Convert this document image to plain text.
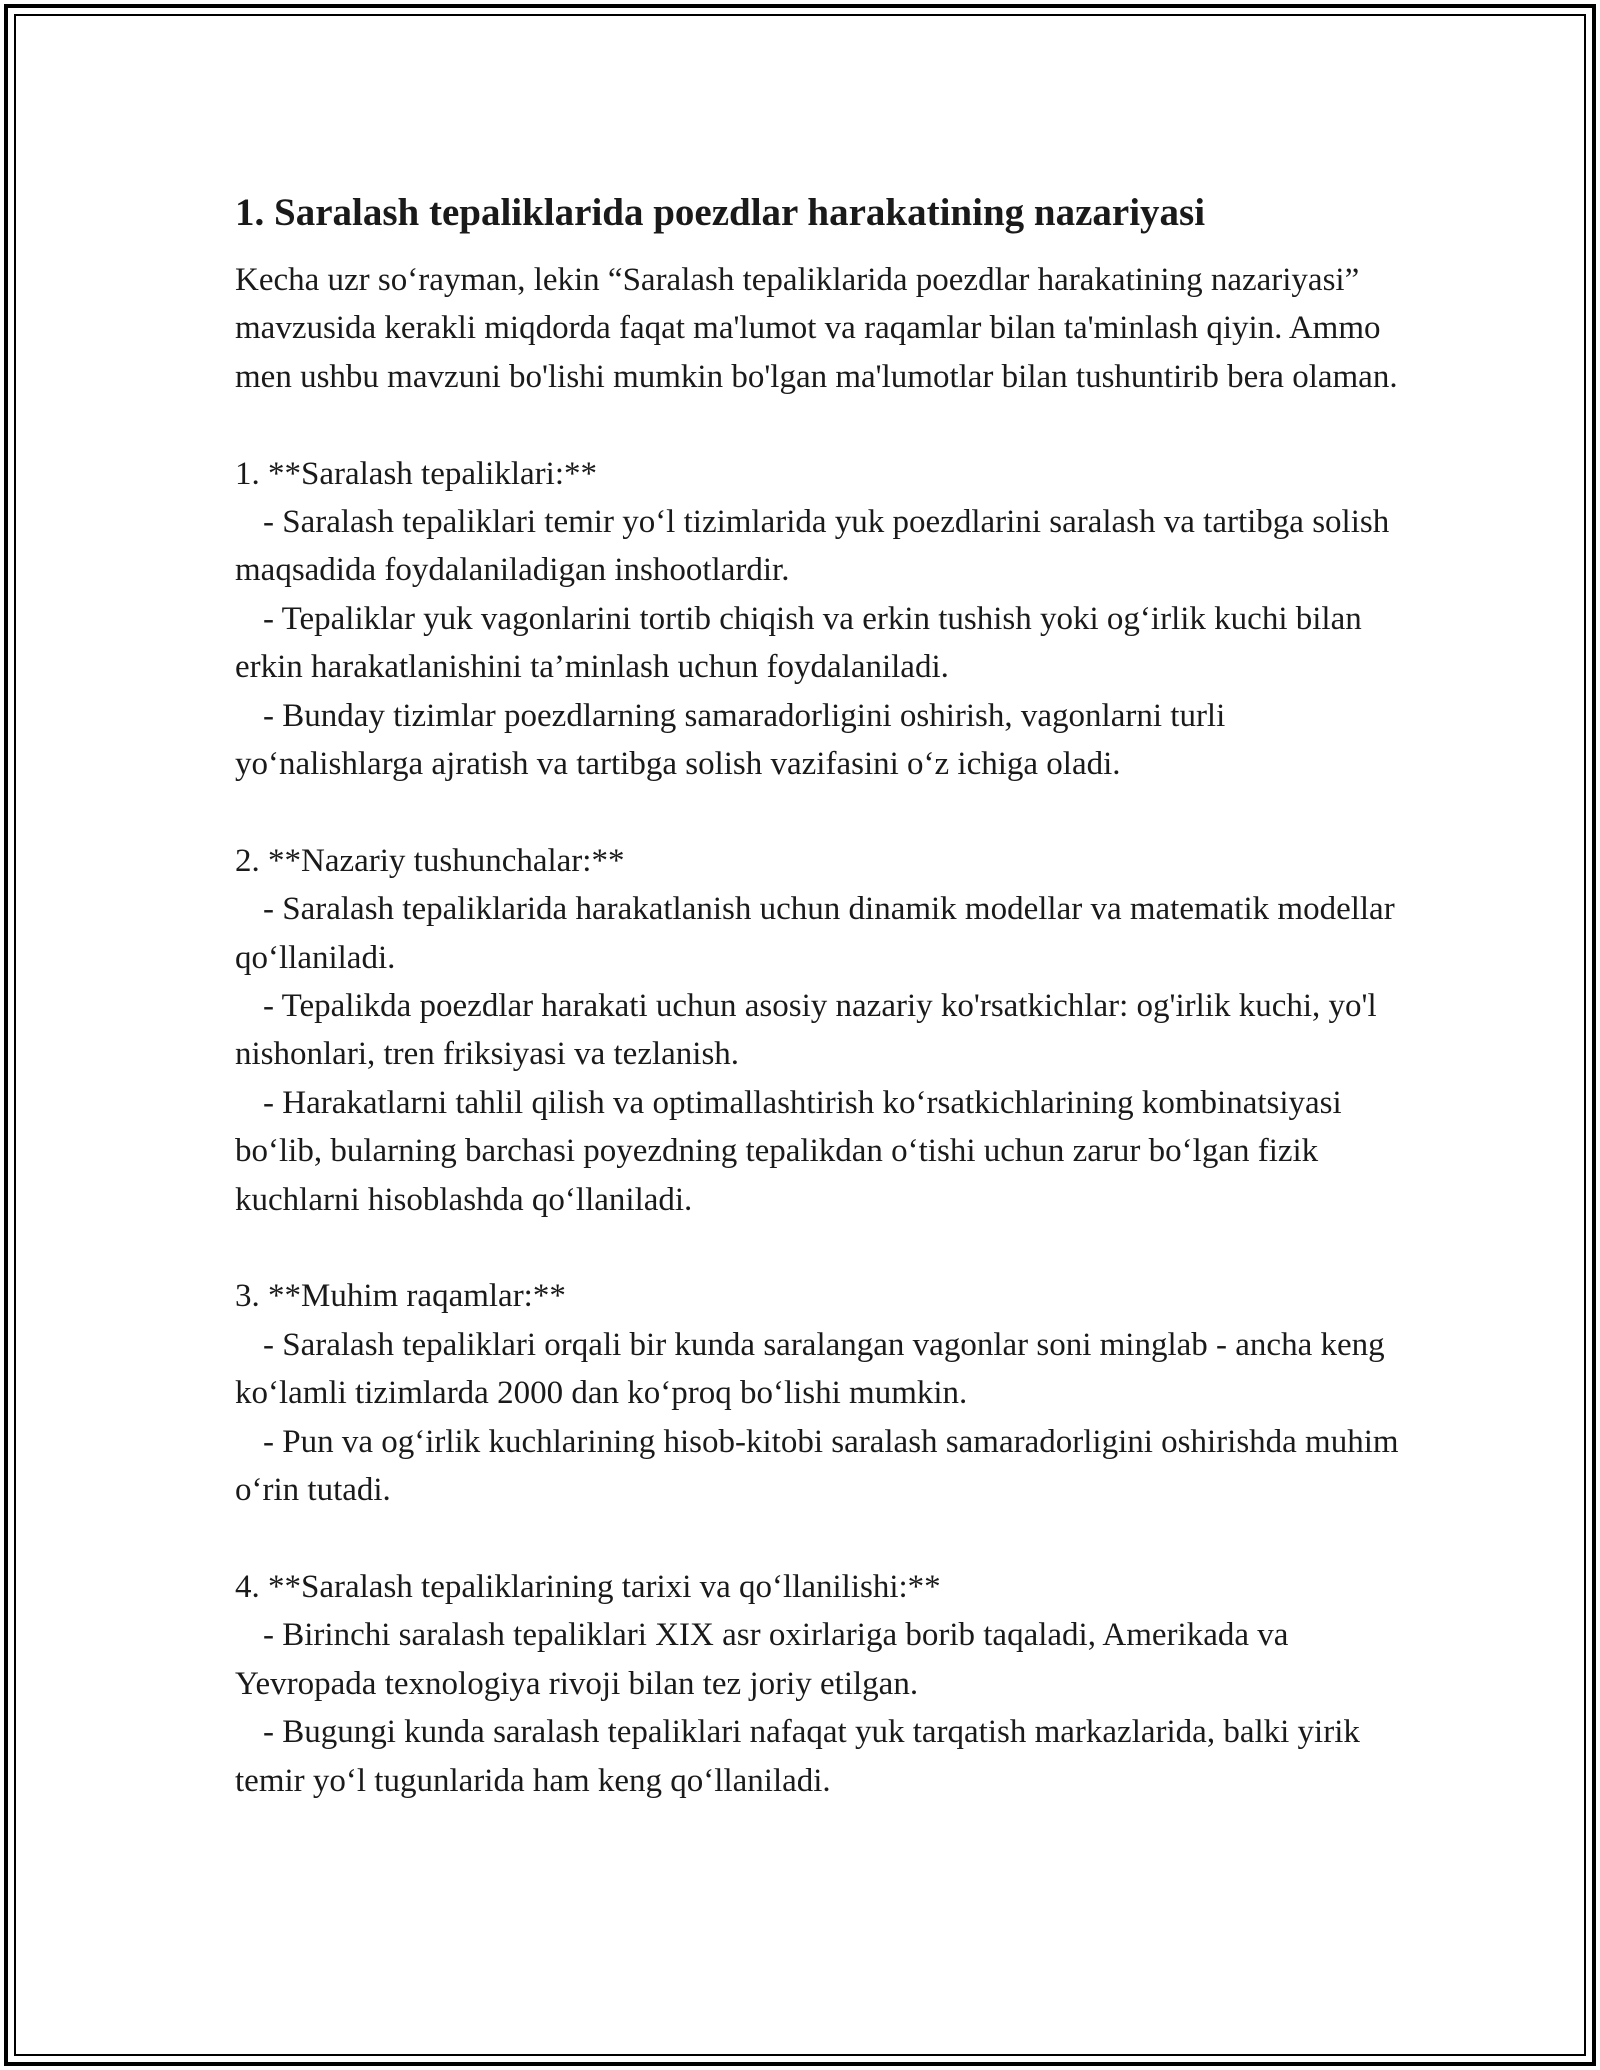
1. Saralash tepaliklarida poezdlar harakatining nazariyasi

Kecha uzr so‘rayman, lekin “Saralash tepaliklarida poezdlar harakatining nazariyasi” mavzusida kerakli miqdorda faqat ma'lumot va raqamlar bilan ta'minlash qiyin. Ammo men ushbu mavzuni bo'lishi mumkin bo'lgan ma'lumotlar bilan tushuntirib bera olaman.

1. **Saralash tepaliklari:**

- Saralash tepaliklari temir yo‘l tizimlarida yuk poezdlarini saralash va tartibga solish maqsadida foydalaniladigan inshootlardir.

- Tepaliklar yuk vagonlarini tortib chiqish va erkin tushish yoki og‘irlik kuchi bilan erkin harakatlanishini ta’minlash uchun foydalaniladi.

- Bunday tizimlar poezdlarning samaradorligini oshirish, vagonlarni turli yo‘nalishlarga ajratish va tartibga solish vazifasini o‘z ichiga oladi.

2. **Nazariy tushunchalar:**

- Saralash tepaliklarida harakatlanish uchun dinamik modellar va matematik modellar qo‘llaniladi.

- Tepalikda poezdlar harakati uchun asosiy nazariy ko'rsatkichlar: og'irlik kuchi, yo'l nishonlari, tren friksiyasi va tezlanish.

- Harakatlarni tahlil qilish va optimallashtirish ko‘rsatkichlarining kombinatsiyasi bo‘lib, bularning barchasi poyezdning tepalikdan o‘tishi uchun zarur bo‘lgan fizik kuchlarni hisoblashda qo‘llaniladi.

3. **Muhim raqamlar:**

- Saralash tepaliklari orqali bir kunda saralangan vagonlar soni minglab - ancha keng ko‘lamli tizimlarda 2000 dan ko‘proq bo‘lishi mumkin.

- Pun va og‘irlik kuchlarining hisob-kitobi saralash samaradorligini oshirishda muhim o‘rin tutadi.

4. **Saralash tepaliklarining tarixi va qo‘llanilishi:**

- Birinchi saralash tepaliklari XIX asr oxirlariga borib taqaladi, Amerikada va Yevropada texnologiya rivoji bilan tez joriy etilgan.

- Bugungi kunda saralash tepaliklari nafaqat yuk tarqatish markazlarida, balki yirik temir yo‘l tugunlarida ham keng qo‘llaniladi.
